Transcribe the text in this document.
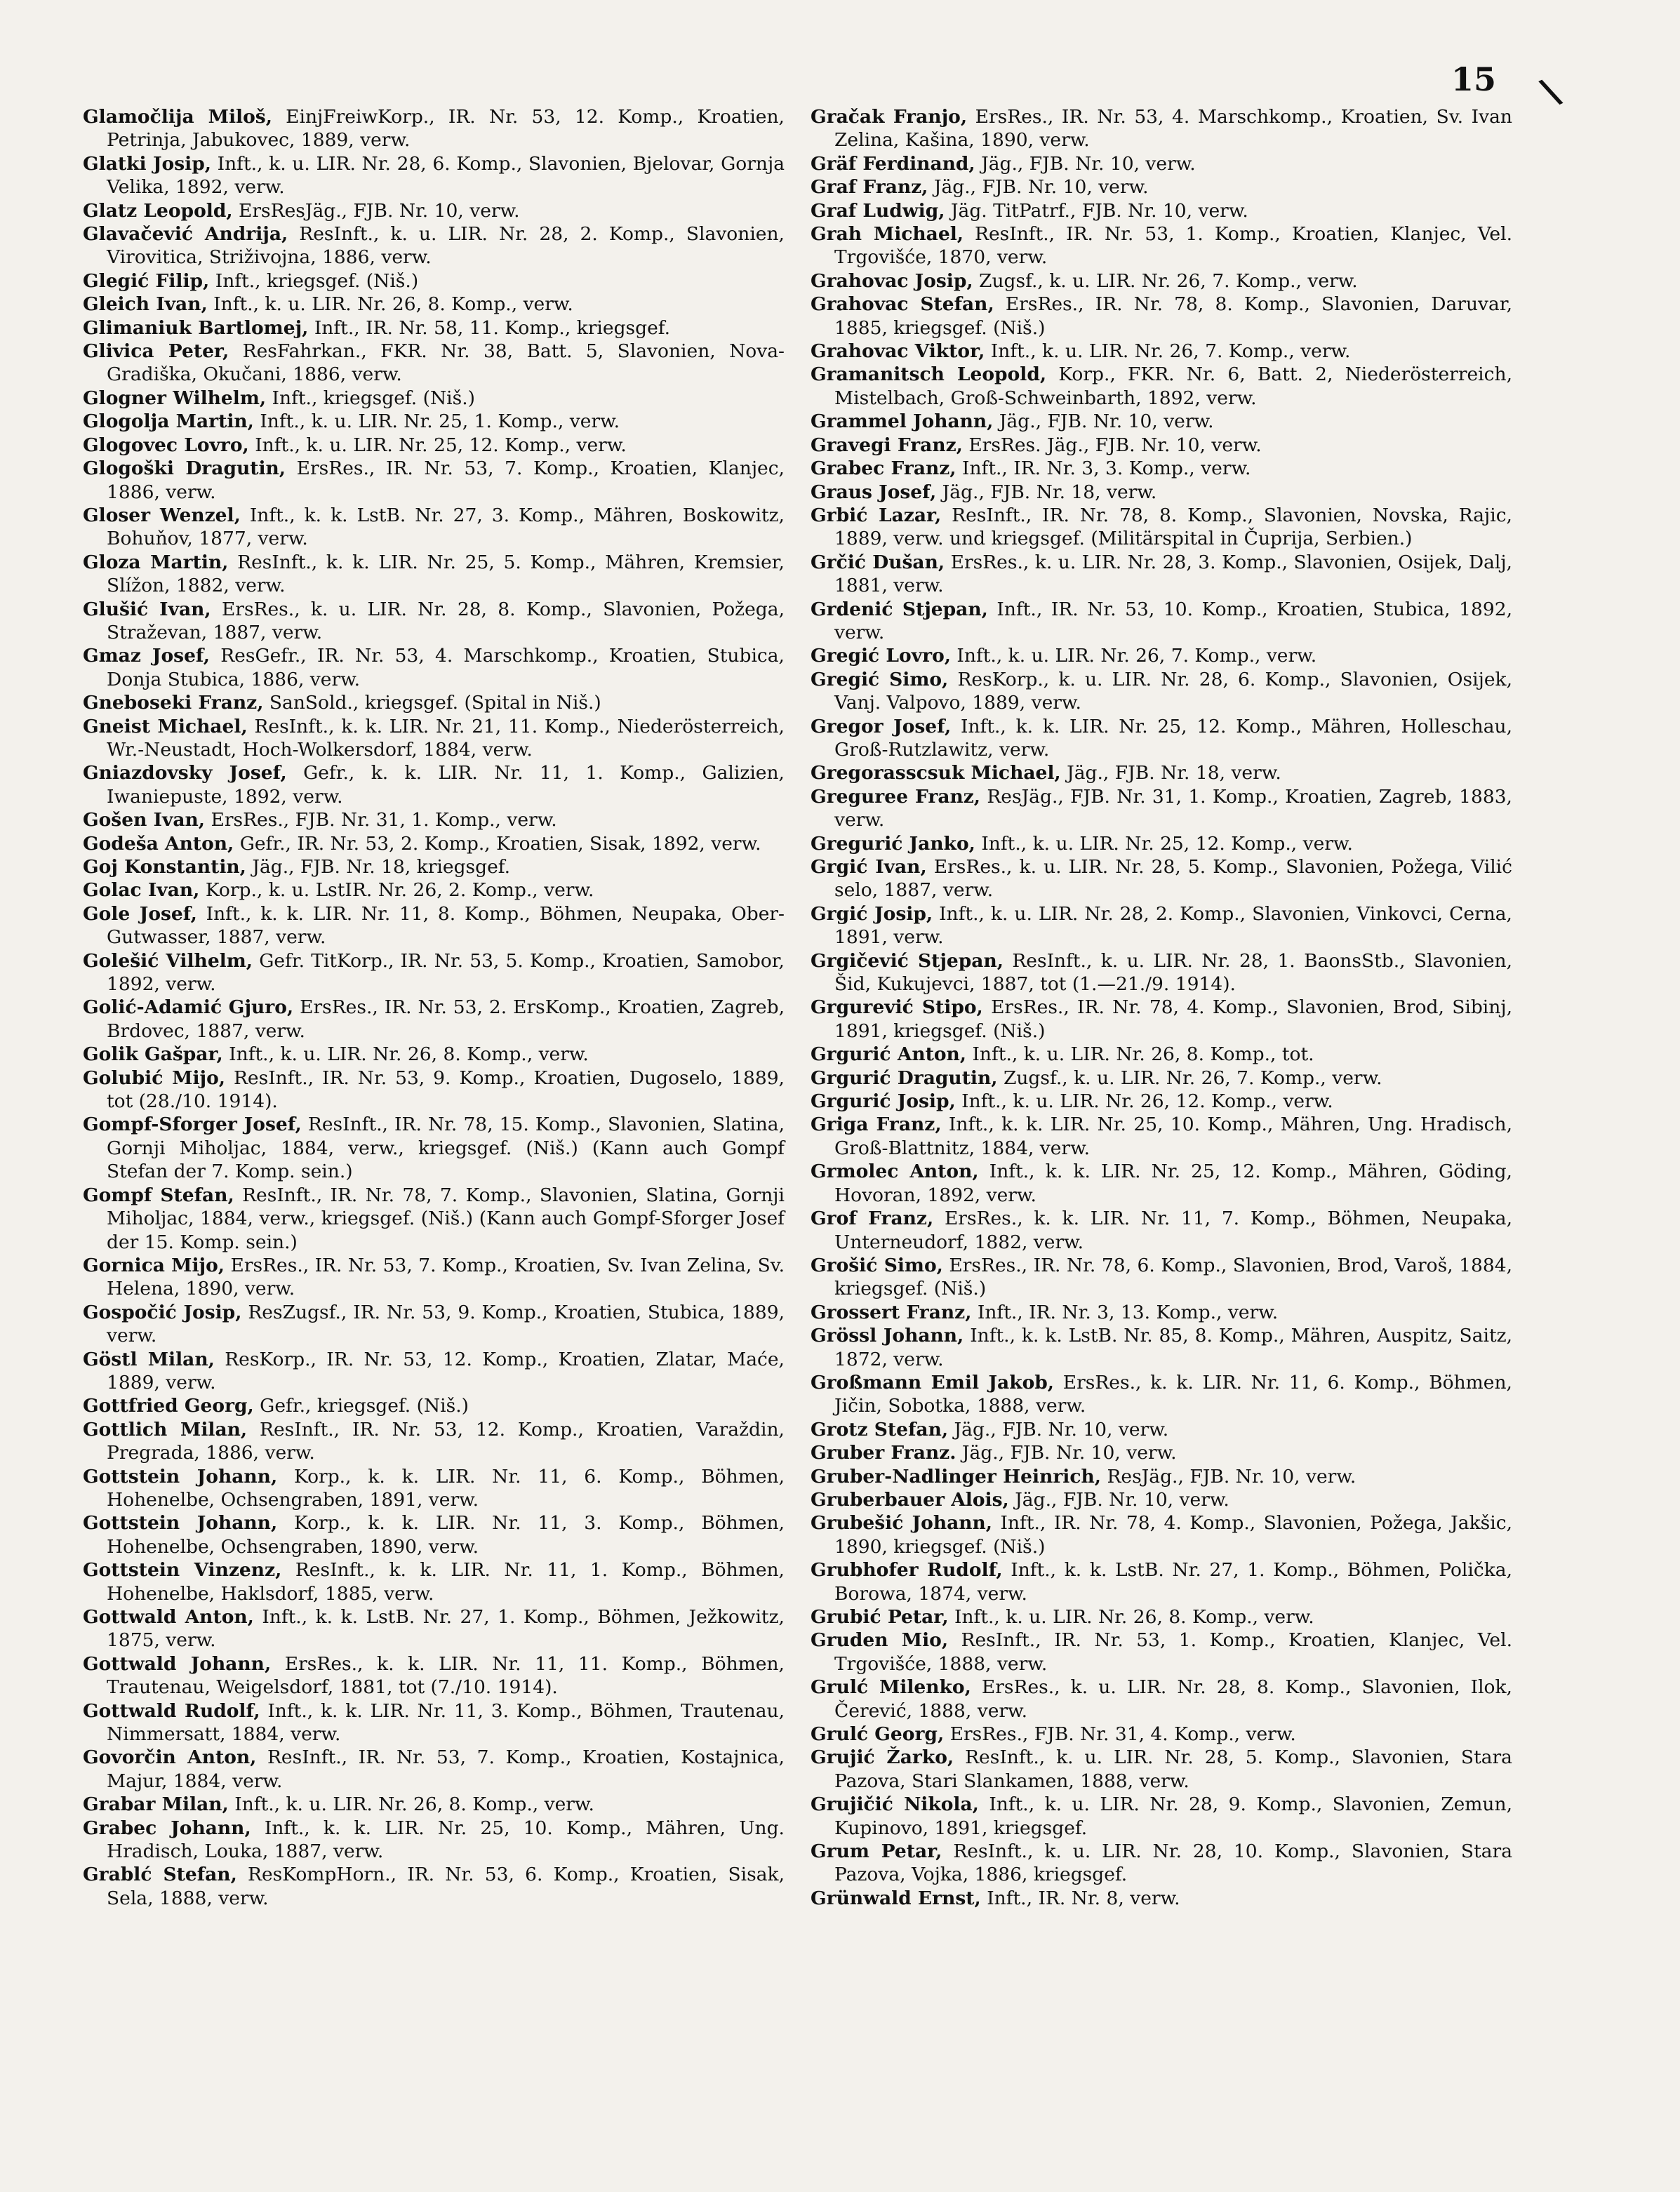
15 \

Glamočlija Miloš, EinjFreiwKorp., IR. Nr. 53, 12. Komp., Kroatien, Petrinja, Jabukovec, 1889, verw.

Glatki Josip, Inft., k. u. LIR. Nr. 28, 6. Komp., Slavonien, Bjelovar, Gornja Velika, 1892, verw.

Glatz Leopold, ErsResJäg., FJB. Nr. 10, verw.

Glavačević Andrija, ResInft., k. u. LIR. Nr. 28, 2. Komp., Slavonien, Virovitica, Striživojna, 1886, verw.

Glegić Filip, Inft., kriegsgef. (Niš.)

Gleich Ivan, Inft., k. u. LIR. Nr. 26, 8. Komp., verw.

Glimaniuk Bartlomej, Inft., IR. Nr. 58, 11. Komp., kriegsgef.

Glivica Peter, ResFahrkan., FKR. Nr. 38, Batt. 5, Slavonien, Nova-Gradiška, Okučani, 1886, verw.

Glogner Wilhelm, Inft., kriegsgef. (Niš.)

Glogolja Martin, Inft., k. u. LIR. Nr. 25, 1. Komp., verw.

Glogovec Lovro, Inft., k. u. LIR. Nr. 25, 12. Komp., verw.

Glogoški Dragutin, ErsRes., IR. Nr. 53, 7. Komp., Kroatien, Klanjec, 1886, verw.

Gloser Wenzel, Inft., k. k. LstB. Nr. 27, 3. Komp., Mähren, Boskowitz, Bohuňov, 1877, verw.

Gloza Martin, ResInft., k. k. LIR. Nr. 25, 5. Komp., Mähren, Kremsier, Slížon, 1882, verw.

Glušić Ivan, ErsRes., k. u. LIR. Nr. 28, 8. Komp., Slavonien, Požega, Straževan, 1887, verw.

Gmaz Josef, ResGefr., IR. Nr. 53, 4. Marschkomp., Kroatien, Stubica, Donja Stubica, 1886, verw.

Gneboseki Franz, SanSold., kriegsgef. (Spital in Niš.)

Gneist Michael, ResInft., k. k. LIR. Nr. 21, 11. Komp., Niederösterreich, Wr.-Neustadt, Hoch-Wolkersdorf, 1884, verw.

Gniazdovsky Josef, Gefr., k. k. LIR. Nr. 11, 1. Komp., Galizien, Iwaniepuste, 1892, verw.

Gošen Ivan, ErsRes., FJB. Nr. 31, 1. Komp., verw.

Godeša Anton, Gefr., IR. Nr. 53, 2. Komp., Kroatien, Sisak, 1892, verw.

Goj Konstantin, Jäg., FJB. Nr. 18, kriegsgef.

Golac Ivan, Korp., k. u. LstIR. Nr. 26, 2. Komp., verw.

Gole Josef, Inft., k. k. LIR. Nr. 11, 8. Komp., Böhmen, Neupaka, Ober-Gutwasser, 1887, verw.

Golešić Vilhelm, Gefr. TitKorp., IR. Nr. 53, 5. Komp., Kroatien, Samobor, 1892, verw.

Golić-Adamić Gjuro, ErsRes., IR. Nr. 53, 2. ErsKomp., Kroatien, Zagreb, Brdovec, 1887, verw.

Golik Gašpar, Inft., k. u. LIR. Nr. 26, 8. Komp., verw.

Golubić Mijo, ResInft., IR. Nr. 53, 9. Komp., Kroatien, Dugoselo, 1889, tot (28./10. 1914).

Gompf-Sforger Josef, ResInft., IR. Nr. 78, 15. Komp., Slavonien, Slatina, Gornji Miholjac, 1884, verw., kriegsgef. (Niš.) (Kann auch Gompf Stefan der 7. Komp. sein.)

Gompf Stefan, ResInft., IR. Nr. 78, 7. Komp., Slavonien, Slatina, Gornji Miholjac, 1884, verw., kriegsgef. (Niš.) (Kann auch Gompf-Sforger Josef der 15. Komp. sein.)

Gornica Mijo, ErsRes., IR. Nr. 53, 7. Komp., Kroatien, Sv. Ivan Zelina, Sv. Helena, 1890, verw.

Gospočić Josip, ResZugsf., IR. Nr. 53, 9. Komp., Kroatien, Stubica, 1889, verw.

Göstl Milan, ResKorp., IR. Nr. 53, 12. Komp., Kroatien, Zlatar, Maće, 1889, verw.

Gottfried Georg, Gefr., kriegsgef. (Niš.)

Gottlich Milan, ResInft., IR. Nr. 53, 12. Komp., Kroatien, Varaždin, Pregrada, 1886, verw.

Gottstein Johann, Korp., k. k. LIR. Nr. 11, 6. Komp., Böhmen, Hohenelbe, Ochsengraben, 1891, verw.

Gottstein Johann, Korp., k. k. LIR. Nr. 11, 3. Komp., Böhmen, Hohenelbe, Ochsengraben, 1890, verw.

Gottstein Vinzenz, ResInft., k. k. LIR. Nr. 11, 1. Komp., Böhmen, Hohenelbe, Haklsdorf, 1885, verw.

Gottwald Anton, Inft., k. k. LstB. Nr. 27, 1. Komp., Böhmen, Ježkowitz, 1875, verw.

Gottwald Johann, ErsRes., k. k. LIR. Nr. 11, 11. Komp., Böhmen, Trautenau, Weigelsdorf, 1881, tot (7./10. 1914).

Gottwald Rudolf, Inft., k. k. LIR. Nr. 11, 3. Komp., Böhmen, Trautenau, Nimmersatt, 1884, verw.

Govorčin Anton, ResInft., IR. Nr. 53, 7. Komp., Kroatien, Kostajnica, Majur, 1884, verw.

Grabar Milan, Inft., k. u. LIR. Nr. 26, 8. Komp., verw.

Grabec Johann, Inft., k. k. LIR. Nr. 25, 10. Komp., Mähren, Ung. Hradisch, Louka, 1887, verw.

Grablć Stefan, ResKompHorn., IR. Nr. 53, 6. Komp., Kroatien, Sisak, Sela, 1888, verw.

Gračak Franjo, ErsRes., IR. Nr. 53, 4. Marschkomp., Kroatien, Sv. Ivan Zelina, Kašina, 1890, verw.

Gräf Ferdinand, Jäg., FJB. Nr. 10, verw.

Graf Franz, Jäg., FJB. Nr. 10, verw.

Graf Ludwig, Jäg. TitPatrf., FJB. Nr. 10, verw.

Grah Michael, ResInft., IR. Nr. 53, 1. Komp., Kroatien, Klanjec, Vel. Trgovišće, 1870, verw.

Grahovac Josip, Zugsf., k. u. LIR. Nr. 26, 7. Komp., verw.

Grahovac Stefan, ErsRes., IR. Nr. 78, 8. Komp., Slavonien, Daruvar, 1885, kriegsgef. (Niš.)

Grahovac Viktor, Inft., k. u. LIR. Nr. 26, 7. Komp., verw.

Gramanitsch Leopold, Korp., FKR. Nr. 6, Batt. 2, Niederösterreich, Mistelbach, Groß-Schweinbarth, 1892, verw.

Grammel Johann, Jäg., FJB. Nr. 10, verw.

Gravegi Franz, ErsRes. Jäg., FJB. Nr. 10, verw.

Grabec Franz, Inft., IR. Nr. 3, 3. Komp., verw.

Graus Josef, Jäg., FJB. Nr. 18, verw.

Grbić Lazar, ResInft., IR. Nr. 78, 8. Komp., Slavonien, Novska, Rajic, 1889, verw. und kriegsgef. (Militärspital in Čuprija, Serbien.)

Grčić Dušan, ErsRes., k. u. LIR. Nr. 28, 3. Komp., Slavonien, Osijek, Dalj, 1881, verw.

Grdenić Stjepan, Inft., IR. Nr. 53, 10. Komp., Kroatien, Stubica, 1892, verw.

Gregić Lovro, Inft., k. u. LIR. Nr. 26, 7. Komp., verw.

Gregić Simo, ResKorp., k. u. LIR. Nr. 28, 6. Komp., Slavonien, Osijek, Vanj. Valpovo, 1889, verw.

Gregor Josef, Inft., k. k. LIR. Nr. 25, 12. Komp., Mähren, Holleschau, Groß-Rutzlawitz, verw.

Gregorasscsuk Michael, Jäg., FJB. Nr. 18, verw.

Greguree Franz, ResJäg., FJB. Nr. 31, 1. Komp., Kroatien, Zagreb, 1883, verw.

Gregurić Janko, Inft., k. u. LIR. Nr. 25, 12. Komp., verw.

Grgić Ivan, ErsRes., k. u. LIR. Nr. 28, 5. Komp., Slavonien, Požega, Vilić selo, 1887, verw.

Grgić Josip, Inft., k. u. LIR. Nr. 28, 2. Komp., Slavonien, Vinkovci, Cerna, 1891, verw.

Grgičević Stjepan, ResInft., k. u. LIR. Nr. 28, 1. BaonsStb., Slavonien, Šid, Kukujevci, 1887, tot (1.—21./9. 1914).

Grgurević Stipo, ErsRes., IR. Nr. 78, 4. Komp., Slavonien, Brod, Sibinj, 1891, kriegsgef. (Niš.)

Grgurić Anton, Inft., k. u. LIR. Nr. 26, 8. Komp., tot.

Grgurić Dragutin, Zugsf., k. u. LIR. Nr. 26, 7. Komp., verw.

Grgurić Josip, Inft., k. u. LIR. Nr. 26, 12. Komp., verw.

Griga Franz, Inft., k. k. LIR. Nr. 25, 10. Komp., Mähren, Ung. Hradisch, Groß-Blattnitz, 1884, verw.

Grmolec Anton, Inft., k. k. LIR. Nr. 25, 12. Komp., Mähren, Göding, Hovoran, 1892, verw.

Grof Franz, ErsRes., k. k. LIR. Nr. 11, 7. Komp., Böhmen, Neupaka, Unterneudorf, 1882, verw.

Grošić Simo, ErsRes., IR. Nr. 78, 6. Komp., Slavonien, Brod, Varoš, 1884, kriegsgef. (Niš.)

Grossert Franz, Inft., IR. Nr. 3, 13. Komp., verw.

Grössl Johann, Inft., k. k. LstB. Nr. 85, 8. Komp., Mähren, Auspitz, Saitz, 1872, verw.

Großmann Emil Jakob, ErsRes., k. k. LIR. Nr. 11, 6. Komp., Böhmen, Jičin, Sobotka, 1888, verw.

Grotz Stefan, Jäg., FJB. Nr. 10, verw.

Gruber Franz. Jäg., FJB. Nr. 10, verw.

Gruber-Nadlinger Heinrich, ResJäg., FJB. Nr. 10, verw.

Gruberbauer Alois, Jäg., FJB. Nr. 10, verw.

Grubešić Johann, Inft., IR. Nr. 78, 4. Komp., Slavonien, Požega, Jakšic, 1890, kriegsgef. (Niš.)

Grubhofer Rudolf, Inft., k. k. LstB. Nr. 27, 1. Komp., Böhmen, Polička, Borowa, 1874, verw.

Grubić Petar, Inft., k. u. LIR. Nr. 26, 8. Komp., verw.

Gruden Mio, ResInft., IR. Nr. 53, 1. Komp., Kroatien, Klanjec, Vel. Trgovišće, 1888, verw.

Grulć Milenko, ErsRes., k. u. LIR. Nr. 28, 8. Komp., Slavonien, Ilok, Čerević, 1888, verw.

Grulć Georg, ErsRes., FJB. Nr. 31, 4. Komp., verw.

Grujić Žarko, ResInft., k. u. LIR. Nr. 28, 5. Komp., Slavonien, Stara Pazova, Stari Slankamen, 1888, verw.

Grujičić Nikola, Inft., k. u. LIR. Nr. 28, 9. Komp., Slavonien, Zemun, Kupinovo, 1891, kriegsgef.

Grum Petar, ResInft., k. u. LIR. Nr. 28, 10. Komp., Slavonien, Stara Pazova, Vojka, 1886, kriegsgef.

Grünwald Ernst, Inft., IR. Nr. 8, verw.
